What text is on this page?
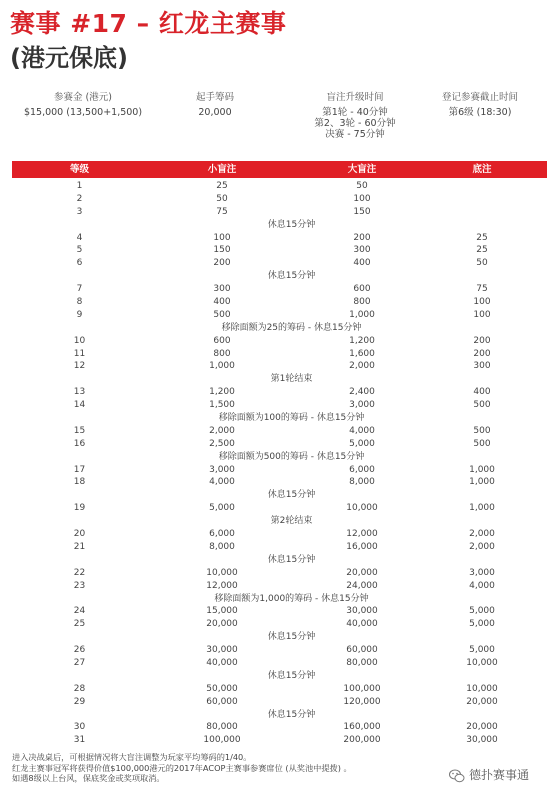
赛事 #17 – 红龙主赛事
(港元保底)
参赛金 (港元)
$15,000 (13,500+1,500)
起手筹码
20,000
盲注升级时间
第1轮 - 40分钟
第2、3轮 - 60分钟
决赛 - 75分钟
登记参赛截止时间
第6级 (18:30)
等级	小盲注	大盲注	底注
1	25	50
2	50	100
3	75	150
休息15分钟
4	100	200	25
5	150	300	25
6	200	400	50
休息15分钟
7	300	600	75
8	400	800	100
9	500	1,000	100
移除面额为25的筹码 - 休息15分钟
10	600	1,200	200
11	800	1,600	200
12	1,000	2,000	300
第1轮结束
13	1,200	2,400	400
14	1,500	3,000	500
移除面额为100的筹码 - 休息15分钟
15	2,000	4,000	500
16	2,500	5,000	500
移除面额为500的筹码 - 休息15分钟
17	3,000	6,000	1,000
18	4,000	8,000	1,000
休息15分钟
19	5,000	10,000	1,000
第2轮结束
20	6,000	12,000	2,000
21	8,000	16,000	2,000
休息15分钟
22	10,000	20,000	3,000
23	12,000	24,000	4,000
移除面额为1,000的筹码 - 休息15分钟
24	15,000	30,000	5,000
25	20,000	40,000	5,000
休息15分钟
26	30,000	60,000	5,000
27	40,000	80,000	10,000
休息15分钟
28	50,000	100,000	10,000
29	60,000	120,000	20,000
休息15分钟
30	80,000	160,000	20,000
31	100,000	200,000	30,000
进入决战桌后，可根据情况将大盲注调整为玩家平均筹码的1/40。
红龙主赛事冠军将获得价值$100,000港元的2017年ACOP主赛事参赛席位 (从奖池中提拨) 。
如遇8级以上台风，保底奖金或奖项取消。	德扑赛事通
